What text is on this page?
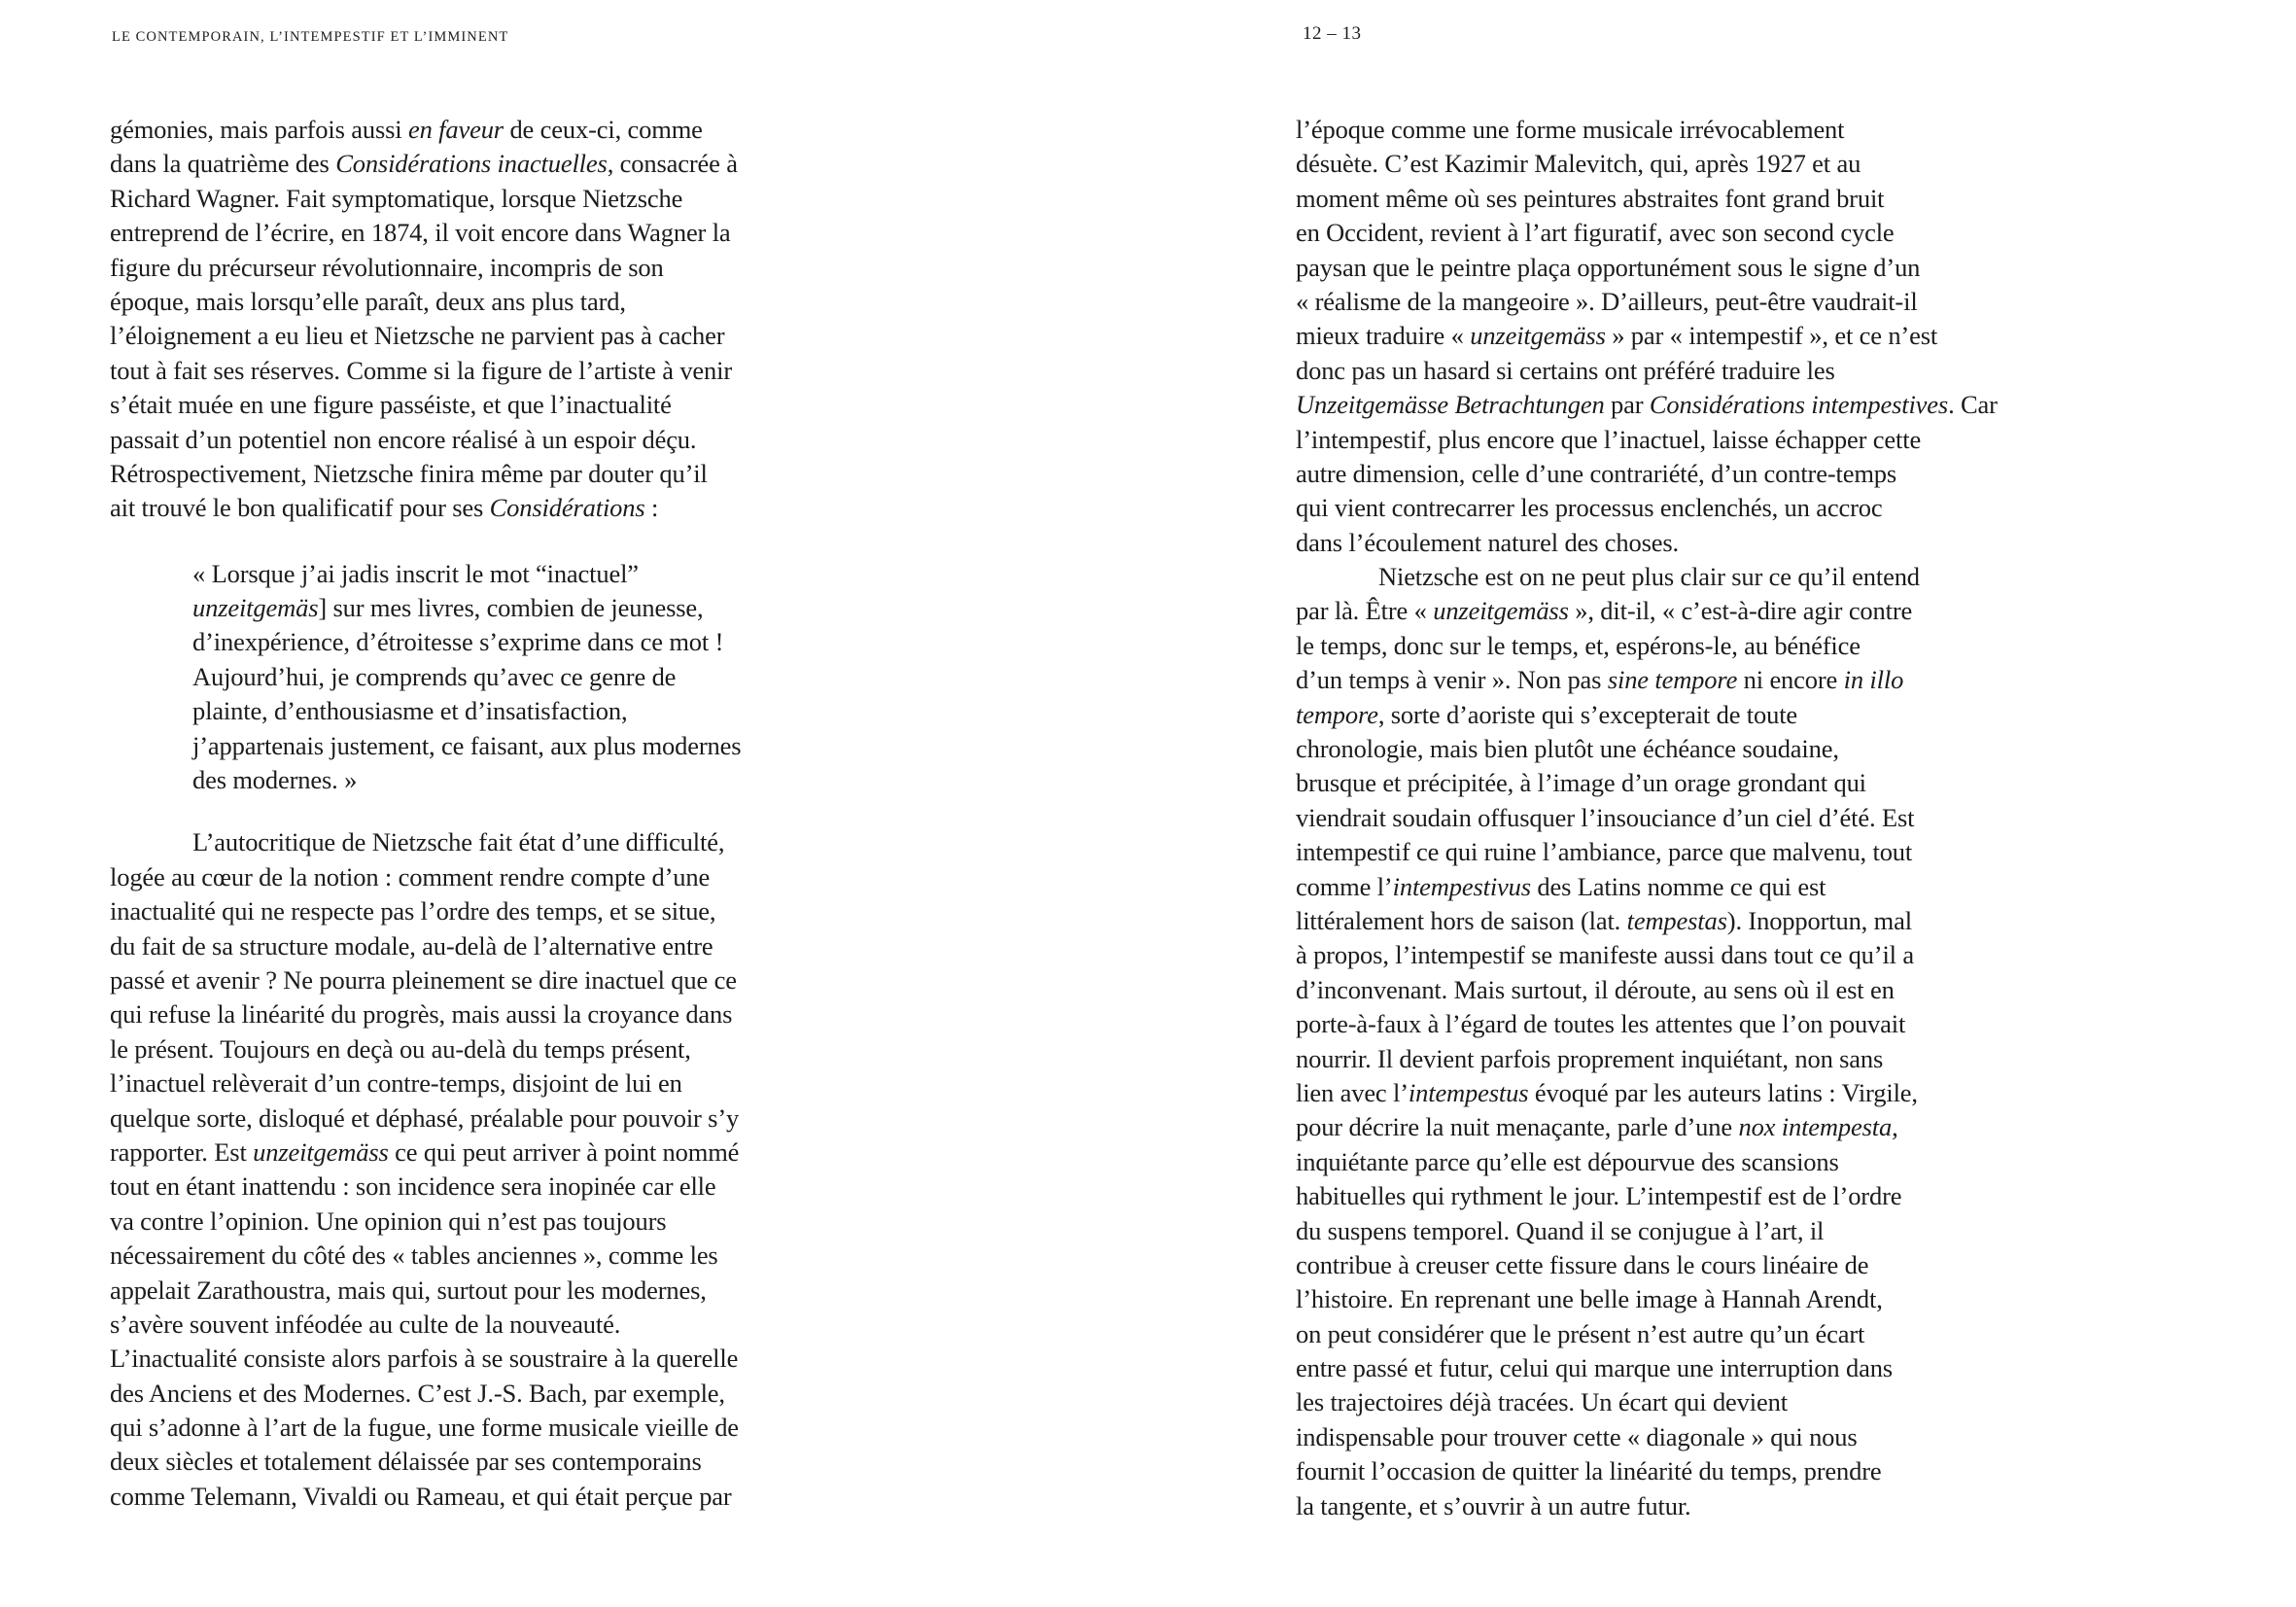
LE CONTEMPORAIN, L’INTEMPESTIF ET L’IMMINENT	12 – 13
gémonies, mais parfois aussi en faveur de ceux-ci, comme
dans la quatrième des Considérations inactuelles, consacrée à
Richard Wagner. Fait symptomatique, lorsque Nietzsche
entreprend de l’écrire, en 1874, il voit encore dans Wagner la
figure du précurseur révolutionnaire, incompris de son
époque, mais lorsqu’elle paraît, deux ans plus tard,
l’éloignement a eu lieu et Nietzsche ne parvient pas à cacher
tout à fait ses réserves. Comme si la figure de l’artiste à venir
s’était muée en une figure passéiste, et que l’inactualité
passait d’un potentiel non encore réalisé à un espoir déçu.
Rétrospectivement, Nietzsche finira même par douter qu’il
ait trouvé le bon qualificatif pour ses Considérations :
« Lorsque j’ai jadis inscrit le mot “inactuel”
unzeitgemäs] sur mes livres, combien de jeunesse,
d’inexpérience, d’étroitesse s’exprime dans ce mot !
Aujourd’hui, je comprends qu’avec ce genre de
plainte, d’enthousiasme et d’insatisfaction,
j’appartenais justement, ce faisant, aux plus modernes
des modernes. »
L’autocritique de Nietzsche fait état d’une difficulté,
logée au cœur de la notion : comment rendre compte d’une
inactualité qui ne respecte pas l’ordre des temps, et se situe,
du fait de sa structure modale, au-delà de l’alternative entre
passé et avenir ? Ne pourra pleinement se dire inactuel que ce
qui refuse la linéarité du progrès, mais aussi la croyance dans
le présent. Toujours en deçà ou au-delà du temps présent,
l’inactuel relèverait d’un contre-temps, disjoint de lui en
quelque sorte, disloqué et déphasé, préalable pour pouvoir s’y
rapporter. Est unzeitgemäss ce qui peut arriver à point nommé
tout en étant inattendu : son incidence sera inopinée car elle
va contre l’opinion. Une opinion qui n’est pas toujours
nécessairement du côté des « tables anciennes », comme les
appelait Zarathoustra, mais qui, surtout pour les modernes,
s’avère souvent inféodée au culte de la nouveauté.
L’inactualité consiste alors parfois à se soustraire à la querelle
des Anciens et des Modernes. C’est J.-S. Bach, par exemple,
qui s’adonne à l’art de la fugue, une forme musicale vieille de
deux siècles et totalement délaissée par ses contemporains
comme Telemann, Vivaldi ou Rameau, et qui était perçue par
l’époque comme une forme musicale irrévocablement
désuète. C’est Kazimir Malevitch, qui, après 1927 et au
moment même où ses peintures abstraites font grand bruit
en Occident, revient à l’art figuratif, avec son second cycle
paysan que le peintre plaça opportunément sous le signe d’un
« réalisme de la mangeoire ». D’ailleurs, peut-être vaudrait-il
mieux traduire « unzeitgemäss » par « intempestif », et ce n’est
donc pas un hasard si certains ont préféré traduire les
Unzeitgemässe Betrachtungen par Considérations intempestives. Car
l’intempestif, plus encore que l’inactuel, laisse échapper cette
autre dimension, celle d’une contrariété, d’un contre-temps
qui vient contrecarrer les processus enclenchés, un accroc
dans l’écoulement naturel des choses.
Nietzsche est on ne peut plus clair sur ce qu’il entend
par là. Être « unzeitgemäss », dit-il, « c’est-à-dire agir contre
le temps, donc sur le temps, et, espérons-le, au bénéfice
d’un temps à venir ». Non pas sine tempore ni encore in illo
tempore, sorte d’aoriste qui s’excepterait de toute
chronologie, mais bien plutôt une échéance soudaine,
brusque et précipitée, à l’image d’un orage grondant qui
viendrait soudain offusquer l’insouciance d’un ciel d’été. Est
intempestif ce qui ruine l’ambiance, parce que malvenu, tout
comme l’intempestivus des Latins nomme ce qui est
littéralement hors de saison (lat. tempestas). Inopportun, mal
à propos, l’intempestif se manifeste aussi dans tout ce qu’il a
d’inconvenant. Mais surtout, il déroute, au sens où il est en
porte-à-faux à l’égard de toutes les attentes que l’on pouvait
nourrir. Il devient parfois proprement inquiétant, non sans
lien avec l’intempestus évoqué par les auteurs latins : Virgile,
pour décrire la nuit menaçante, parle d’une nox intempesta,
inquiétante parce qu’elle est dépourvue des scansions
habituelles qui rythment le jour. L’intempestif est de l’ordre
du suspens temporel. Quand il se conjugue à l’art, il
contribue à creuser cette fissure dans le cours linéaire de
l’histoire. En reprenant une belle image à Hannah Arendt,
on peut considérer que le présent n’est autre qu’un écart
entre passé et futur, celui qui marque une interruption dans
les trajectoires déjà tracées. Un écart qui devient
indispensable pour trouver cette « diagonale » qui nous
fournit l’occasion de quitter la linéarité du temps, prendre
la tangente, et s’ouvrir à un autre futur.
